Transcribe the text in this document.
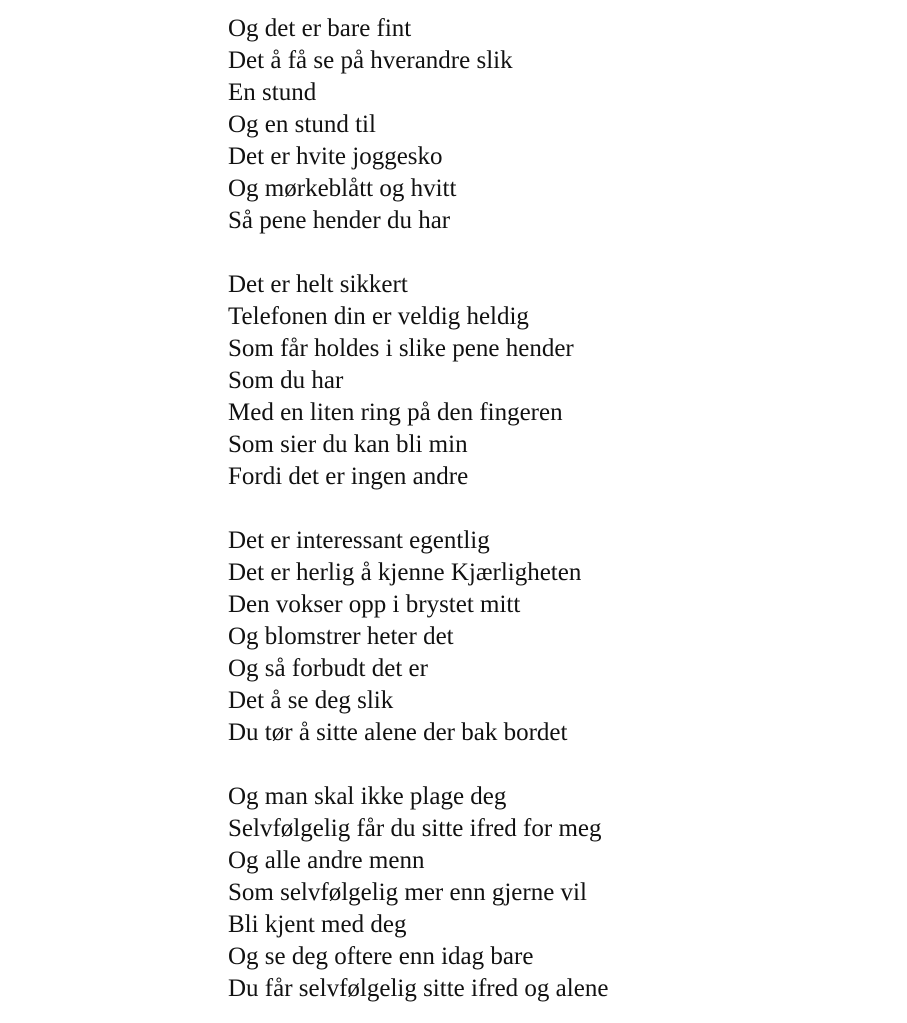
Og det er bare fint
Det å få se på hverandre slik
En stund
Og en stund til
Det er hvite joggesko
Og mørkeblått og hvitt
Så pene hender du har
Det er helt sikkert
Telefonen din er veldig heldig
Som får holdes i slike pene hender
Som du har
Med en liten ring på den fingeren
Som sier du kan bli min
Fordi det er ingen andre
Det er interessant egentlig
Det er herlig å kjenne Kjærligheten
Den vokser opp i brystet mitt
Og blomstrer heter det
Og så forbudt det er
Det å se deg slik
Du tør å sitte alene der bak bordet
Og man skal ikke plage deg
Selvfølgelig får du sitte ifred for meg
Og alle andre menn
Som selvfølgelig mer enn gjerne vil
Bli kjent med deg
Og se deg oftere enn idag bare
Du får selvfølgelig sitte ifred og alene
